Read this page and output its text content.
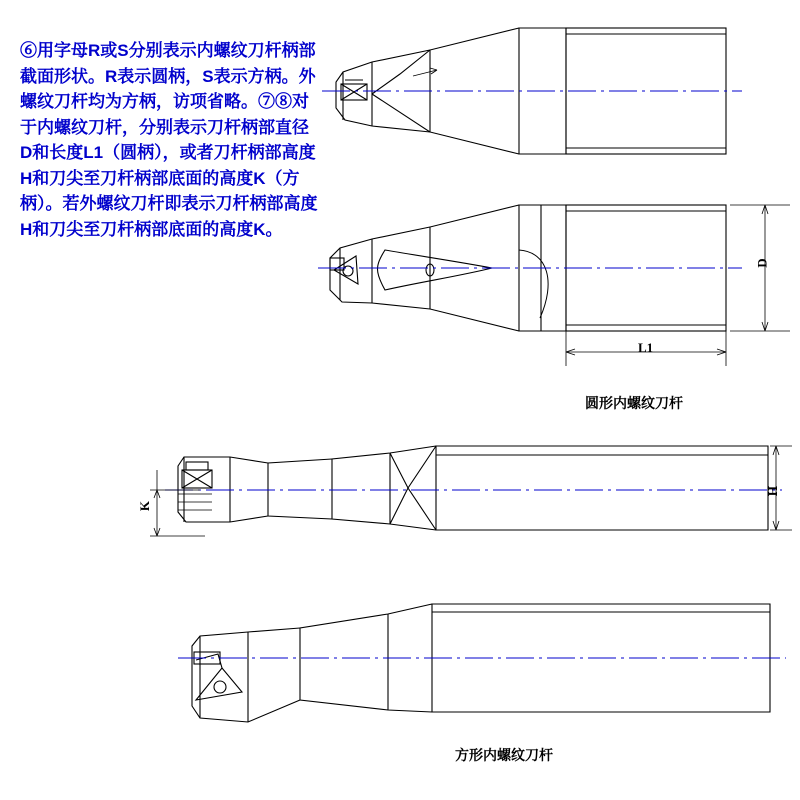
⑥用字母R或S分别表示内螺纹刀杆柄部截面形状。R表示圆柄，S表示方柄。外螺纹刀杆均为方柄，访项省略。⑦⑧对于内螺纹刀杆，分别表示刀杆柄部直径D和长度L1（圆柄），或者刀杆柄部高度H和刀尖至刀杆柄部底面的高度K（方柄）。若外螺纹刀杆即表示刀杆柄部高度H和刀尖至刀杆柄部底面的高度K。
圆形内螺纹刀杆
方形内螺纹刀杆
D
L1
H
K
